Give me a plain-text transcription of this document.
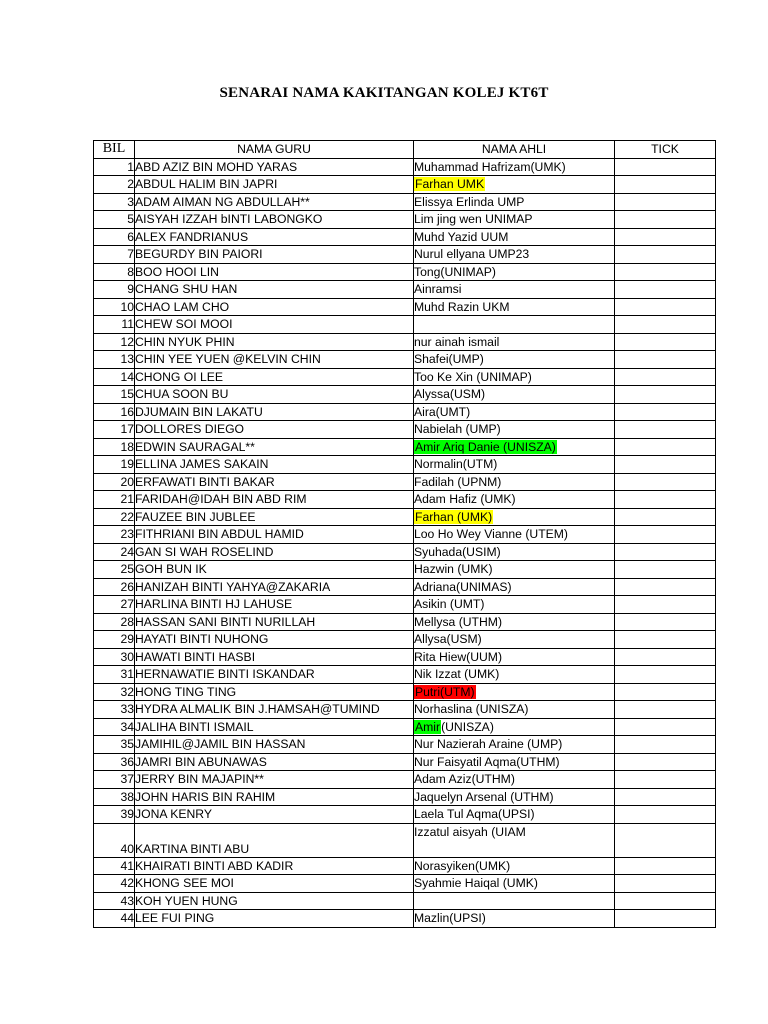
SENARAI NAMA KAKITANGAN KOLEJ KT6T
BIL	NAMA GURU	NAMA AHLI	TICK
1	ABD AZIZ BIN MOHD YARAS	Muhammad Hafrizam(UMK)	
2	ABDUL HALIM BIN JAPRI	Farhan UMK	
3	ADAM AIMAN NG ABDULLAH**	Elissya Erlinda UMP	
5	AISYAH IZZAH bINTI LABONGKO	Lim jing wen UNIMAP	
6	ALEX FANDRIANUS	Muhd Yazid UUM	
7	BEGURDY BIN PAIORI	Nurul ellyana UMP23	
8	BOO HOOI LIN	Tong(UNIMAP)	
9	CHANG SHU HAN	Ainramsi	
10	CHAO LAM CHO	Muhd Razin UKM	
11	CHEW SOI MOOI		
12	CHIN NYUK PHIN	nur ainah ismail	
13	CHIN YEE YUEN @KELVIN CHIN	Shafei(UMP)	
14	CHONG OI LEE	Too Ke Xin (UNIMAP)	
15	CHUA SOON BU	Alyssa(USM)	
16	DJUMAIN BIN LAKATU	Aira(UMT)	
17	DOLLORES DIEGO	Nabielah (UMP)	
18	EDWIN SAURAGAL**	Amir Ariq Danie (UNISZA)	
19	ELLINA JAMES SAKAIN	Normalin(UTM)	
20	ERFAWATI BINTI BAKAR	Fadilah (UPNM)	
21	FARIDAH@IDAH BIN ABD RIM	Adam Hafiz (UMK)	
22	FAUZEE BIN JUBLEE	Farhan (UMK)	
23	FITHRIANI BIN ABDUL HAMID	Loo Ho Wey Vianne (UTEM)	
24	GAN SI WAH ROSELIND	Syuhada(USIM)	
25	GOH BUN IK	Hazwin (UMK)	
26	HANIZAH BINTI YAHYA@ZAKARIA	Adriana(UNIMAS)	
27	HARLINA BINTI HJ LAHUSE	Asikin (UMT)	
28	HASSAN SANI BINTI NURILLAH	Mellysa (UTHM)	
29	HAYATI BINTI NUHONG	Allysa(USM)	
30	HAWATI BINTI HASBI	Rita Hiew(UUM)	
31	HERNAWATIE BINTI ISKANDAR	Nik Izzat (UMK)	
32	HONG TING TING	Putri(UTM)	
33	HYDRA ALMALIK BIN J.HAMSAH@TUMIND	Norhaslina (UNISZA)	
34	JALIHA BINTI ISMAIL	Amir(UNISZA)	
35	JAMIHIL@JAMIL BIN HASSAN	Nur Nazierah Araine (UMP)	
36	JAMRI BIN ABUNAWAS	Nur Faisyatil Aqma(UTHM)	
37	JERRY BIN MAJAPIN**	Adam Aziz(UTHM)	
38	JOHN HARIS BIN RAHIM	Jaquelyn Arsenal (UTHM)	
39	JONA KENRY	Laela Tul Aqma(UPSI)	
40	KARTINA BINTI ABU	Izzatul aisyah (UIAM	
41	KHAIRATI BINTI ABD KADIR	Norasyiken(UMK)	
42	KHONG SEE MOI	Syahmie Haiqal (UMK)	
43	KOH YUEN HUNG		
44	LEE FUI PING	Mazlin(UPSI)	
